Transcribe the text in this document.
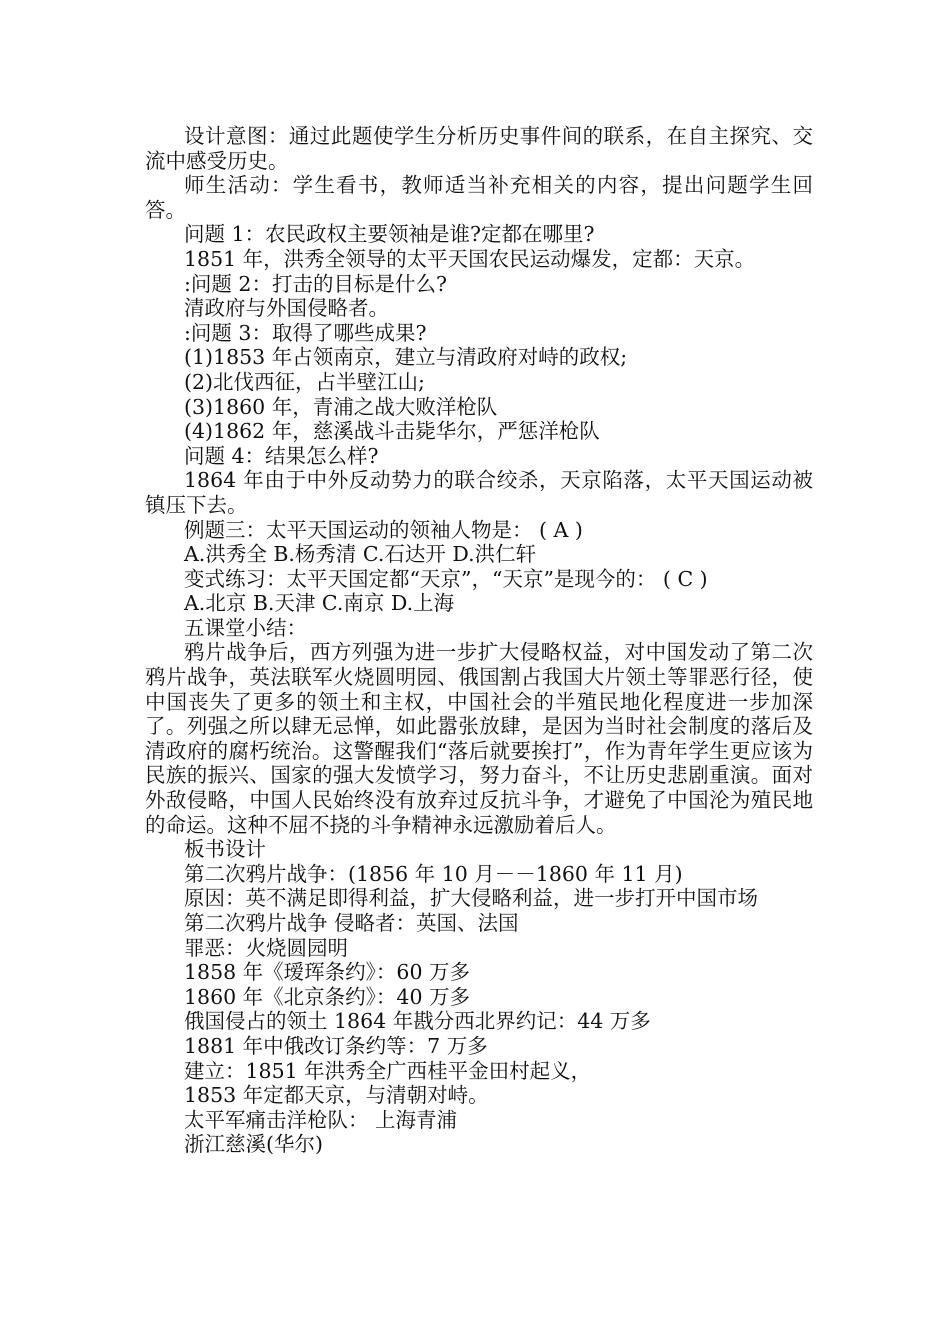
设计意图：通过此题使学生分析历史事件间的联系，在自主探究、交流中感受历史。

师生活动：学生看书，教师适当补充相关的内容，提出问题学生回答。

问题 1：农民政权主要领袖是谁?定都在哪里?

1851 年，洪秀全领导的太平天国农民运动爆发，定都：天京。

:问题 2：打击的目标是什么?

清政府与外国侵略者。

:问题 3：取得了哪些成果?

(1)1853 年占领南京，建立与清政府对峙的政权;

(2)北伐西征，占半壁江山;

(3)1860 年，青浦之战大败洋枪队

(4)1862 年，慈溪战斗击毙华尔，严惩洋枪队

问题 4：结果怎么样?

1864 年由于中外反动势力的联合绞杀，天京陷落，太平天国运动被镇压下去。

例题三：太平天国运动的领袖人物是： ( A )

A.洪秀全 B.杨秀清 C.石达开 D.洪仁轩

变式练习：太平天国定都“天京”，“天京”是现今的： ( C )

A.北京 B.天津 C.南京 D.上海

五课堂小结：

鸦片战争后，西方列强为进一步扩大侵略权益，对中国发动了第二次鸦片战争，英法联军火烧圆明园、俄国割占我国大片领土等罪恶行径，使中国丧失了更多的领土和主权，中国社会的半殖民地化程度进一步加深了。列强之所以肆无忌惮，如此嚣张放肆，是因为当时社会制度的落后及清政府的腐朽统治。这警醒我们“落后就要挨打”，作为青年学生更应该为民族的振兴、国家的强大发愤学习，努力奋斗，不让历史悲剧重演。面对外敌侵略，中国人民始终没有放弃过反抗斗争，才避免了中国沦为殖民地的命运。这种不屈不挠的斗争精神永远激励着后人。

板书设计

第二次鸦片战争：(1856 年 10 月－－1860 年 11 月)

原因：英不满足即得利益，扩大侵略利益，进一步打开中国市场

第二次鸦片战争 侵略者：英国、法国

罪恶：火烧圆园明

1858 年《瑷珲条约》：60 万多

1860 年《北京条约》：40 万多

俄国侵占的领土 1864 年戡分西北界约记：44 万多

1881 年中俄改订条约等：7 万多

建立：1851 年洪秀全广西桂平金田村起义，

1853 年定都天京，与清朝对峙。

太平军痛击洋枪队： 上海青浦

浙江慈溪(华尔)
